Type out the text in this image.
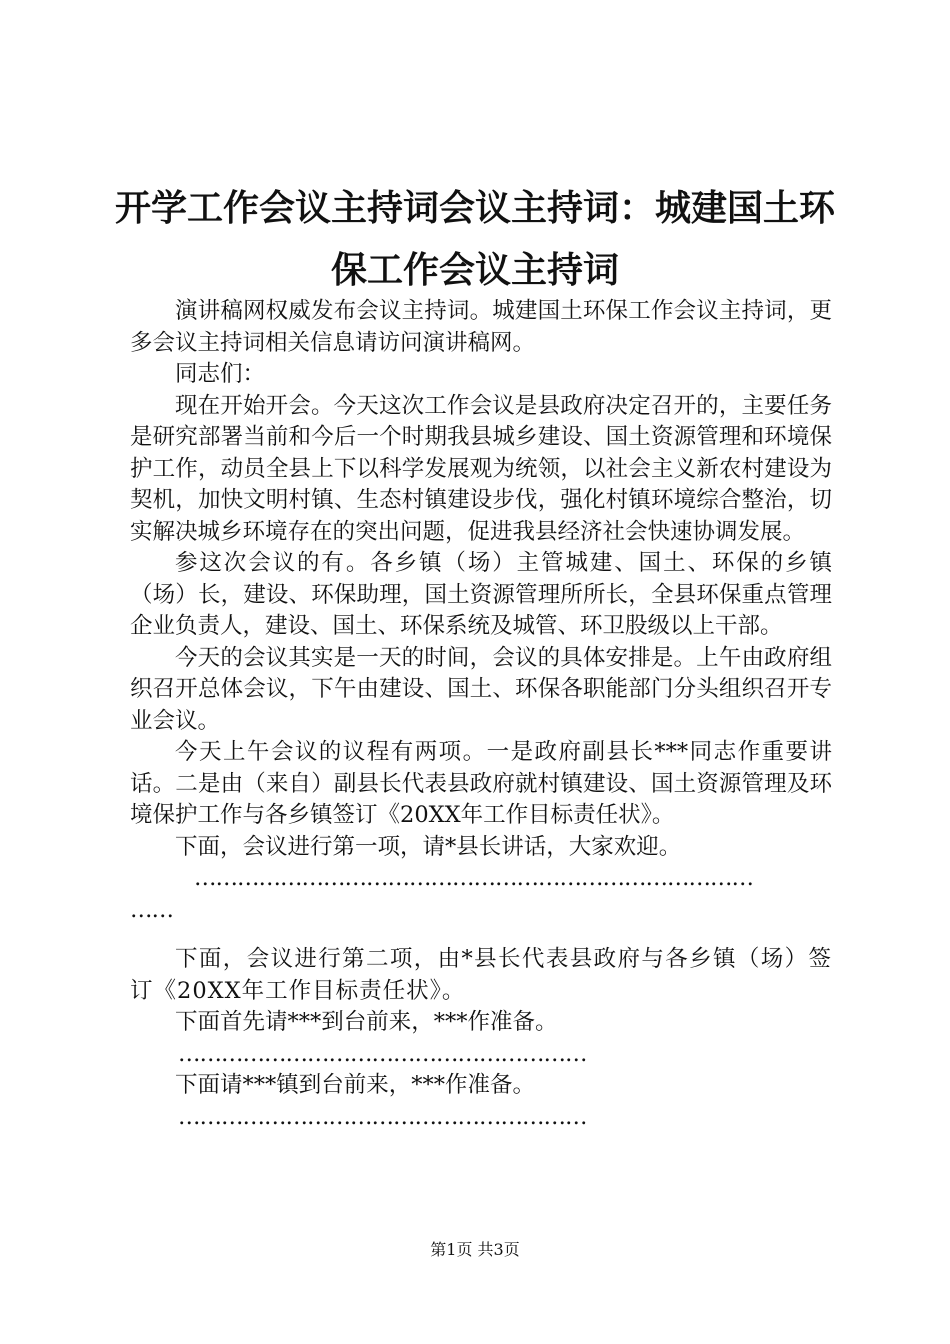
开学工作会议主持词会议主持词：城建国土环保工作会议主持词

演讲稿网权威发布会议主持词。城建国土环保工作会议主持词，更多会议主持词相关信息请访问演讲稿网。

同志们：

现在开始开会。今天这次工作会议是县政府决定召开的，主要任务是研究部署当前和今后一个时期我县城乡建设、国土资源管理和环境保护工作，动员全县上下以科学发展观为统领，以社会主义新农村建设为契机，加快文明村镇、生态村镇建设步伐，强化村镇环境综合整治，切实解决城乡环境存在的突出问题，促进我县经济社会快速协调发展。

参这次会议的有。各乡镇（场）主管城建、国土、环保的乡镇（场）长，建设、环保助理，国土资源管理所所长，全县环保重点管理企业负责人，建设、国土、环保系统及城管、环卫股级以上干部。

今天的会议其实是一天的时间，会议的具体安排是。上午由政府组织召开总体会议，下午由建设、国土、环保各职能部门分头组织召开专业会议。

今天上午会议的议程有两项。一是政府副县长***同志作重要讲话。二是由（来自）副县长代表县政府就村镇建设、国土资源管理及环境保护工作与各乡镇签订《20XX年工作目标责任状》。

下面，会议进行第一项，请*县长讲话，大家欢迎。

……………………………………………………………………

……

下面，会议进行第二项，由*县长代表县政府与各乡镇（场）签订《20XX年工作目标责任状》。

下面首先请***到台前来，***作准备。

…………………………………………………

下面请***镇到台前来，***作准备。

…………………………………………………

第1页 共3页
